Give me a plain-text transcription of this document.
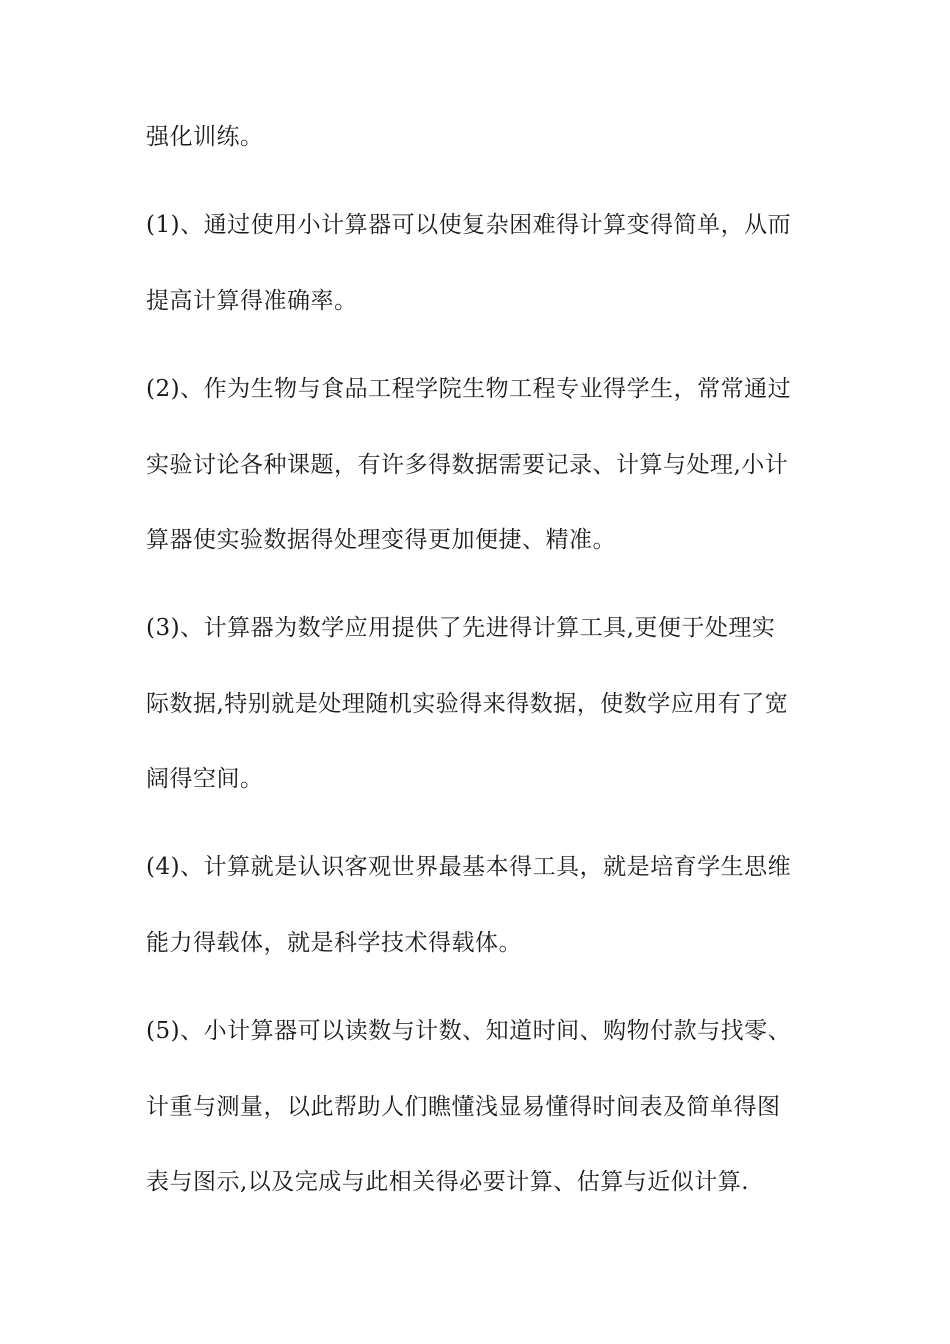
强化训练。
(1)、通过使用小计算器可以使复杂困难得计算变得简单，从而
提高计算得准确率。
(2)、作为生物与食品工程学院生物工程专业得学生，常常通过
实验讨论各种课题，有许多得数据需要记录、计算与处理,小计
算器使实验数据得处理变得更加便捷、精准。
(3)、计算器为数学应用提供了先进得计算工具,更便于处理实
际数据,特别就是处理随机实验得来得数据，使数学应用有了宽
阔得空间。
(4)、计算就是认识客观世界最基本得工具，就是培育学生思维
能力得载体，就是科学技术得载体。
(5)、小计算器可以读数与计数、知道时间、购物付款与找零、
计重与测量，以此帮助人们瞧懂浅显易懂得时间表及简单得图
表与图示,以及完成与此相关得必要计算、估算与近似计算.
